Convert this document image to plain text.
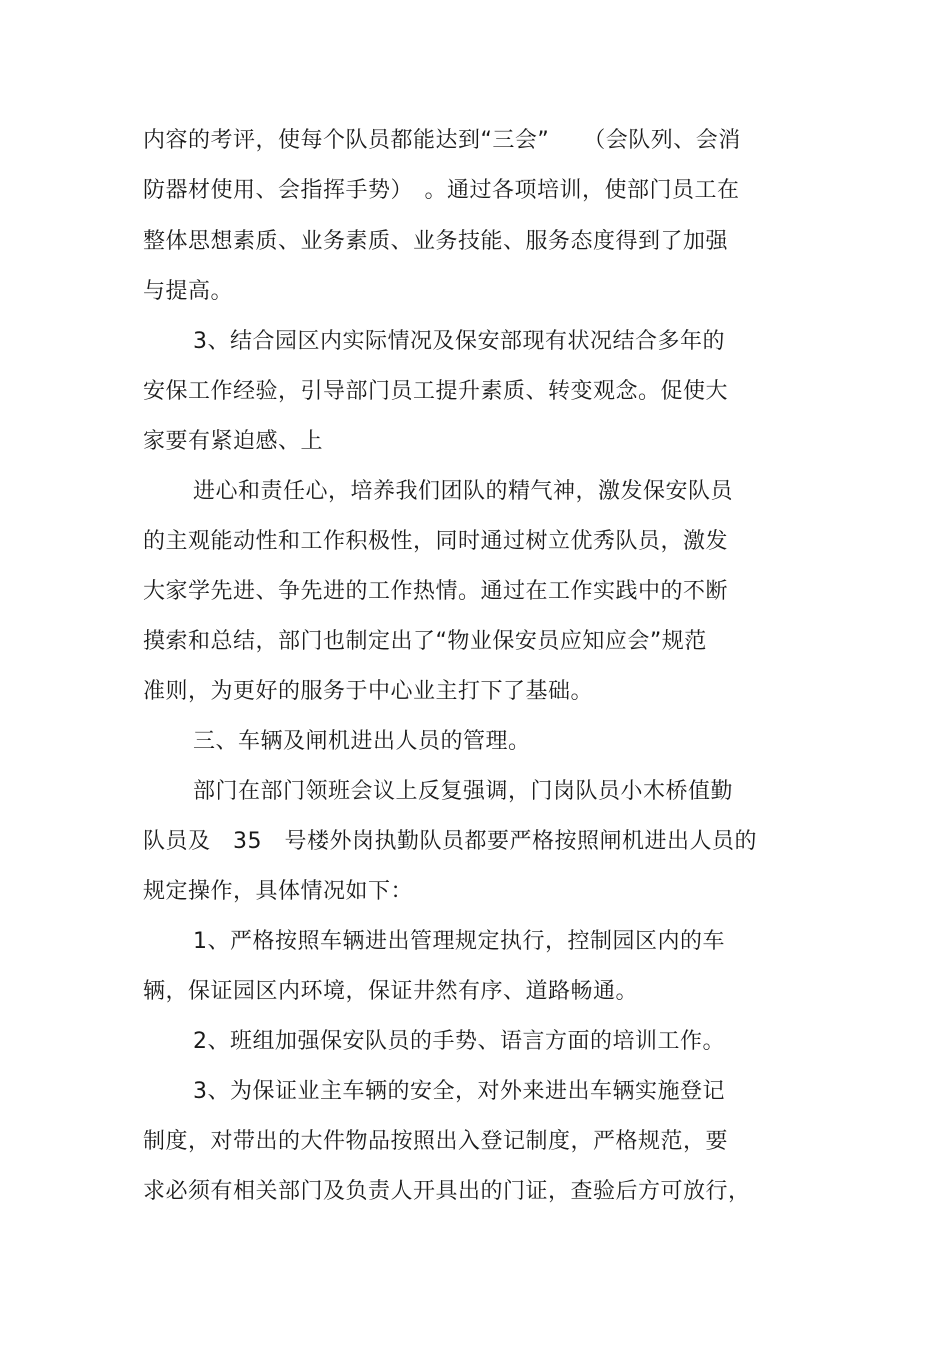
内容的考评，使每个队员都能达到“三会”　　（会队列、会消
防器材使用、会指挥手势）　。通过各项培训，使部门员工在
整体思想素质、业务素质、业务技能、服务态度得到了加强
与提高。
3、结合园区内实际情况及保安部现有状况结合多年的
安保工作经验，引导部门员工提升素质、转变观念。促使大
家要有紧迫感、上
进心和责任心，培养我们团队的精气神，激发保安队员
的主观能动性和工作积极性，同时通过树立优秀队员，激发
大家学先进、争先进的工作热情。通过在工作实践中的不断
摸索和总结，部门也制定出了“物业保安员应知应会”规范
准则，为更好的服务于中心业主打下了基础。
三、车辆及闸机进出人员的管理。
部门在部门领班会议上反复强调，门岗队员小木桥值勤
队员及　35　号楼外岗执勤队员都要严格按照闸机进出人员的
规定操作，具体情况如下：
1、严格按照车辆进出管理规定执行，控制园区内的车
辆，保证园区内环境，保证井然有序、道路畅通。
2、班组加强保安队员的手势、语言方面的培训工作。
3、为保证业主车辆的安全，对外来进出车辆实施登记
制度，对带出的大件物品按照出入登记制度，严格规范，要
求必须有相关部门及负责人开具出的门证，查验后方可放行，
